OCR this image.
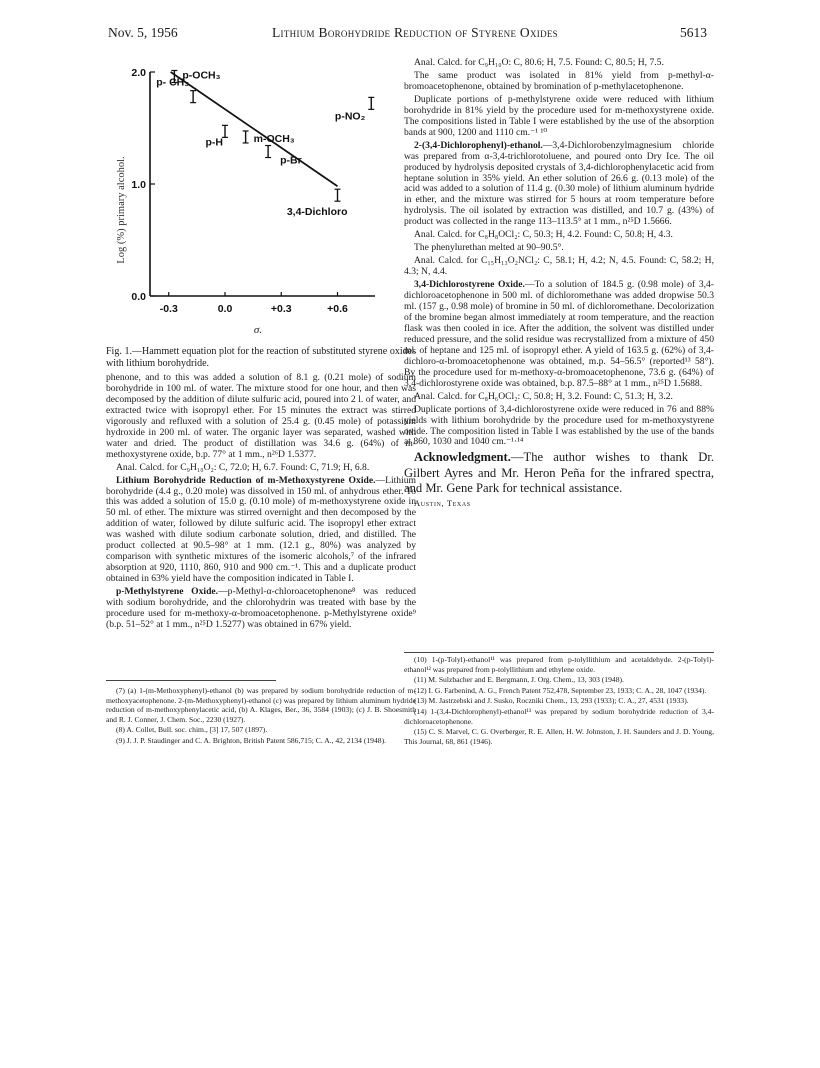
Nov. 5, 1956	Lithium Borohydride Reduction of Styrene Oxides	5613
Log (%) primary alcohol.
0.0
1.0
2.0
-0.3	0.0	+0.3	+0.6
p-OCH₃
p- CH₃
p-H	m-OCH₃
p-Br
3,4-Dichloro
p-NO₂
σ.

Fig. 1.—Hammett equation plot for the reaction of substituted styrene oxides with lithium borohydride.

phenone, and to this was added a solution of 8.1 g. (0.21 mole) of sodium borohydride in 100 ml. of water. The mixture stood for one hour, and then was decomposed by the addition of dilute sulfuric acid, poured into 2 l. of water, and extracted twice with isopropyl ether. For 15 minutes the extract was stirred vigorously and refluxed with a solution of 25.4 g. (0.45 mole) of potassium hydroxide in 200 ml. of water. The organic layer was separated, washed with water and dried. The product of distillation was 34.6 g. (64%) of m-methoxystyrene oxide, b.p. 77° at 1 mm., n²⁶D 1.5377.

Anal. Calcd. for C₉H₁₀O₂: C, 72.0; H, 6.7. Found: C, 71.9; H, 6.8.

Lithium Borohydride Reduction of m-Methoxystyrene Oxide.—Lithium borohydride (4.4 g., 0.20 mole) was dissolved in 150 ml. of anhydrous ether. To this was added a solution of 15.0 g. (0.10 mole) of m-methoxystyrene oxide in 50 ml. of ether. The mixture was stirred overnight and then decomposed by the addition of water, followed by dilute sulfuric acid. The isopropyl ether extract was washed with dilute sodium carbonate solution, dried, and distilled. The product collected at 90.5–98° at 1 mm. (12.1 g., 80%) was analyzed by comparison with synthetic mixtures of the isomeric alcohols,⁷ of the infrared absorption at 920, 1110, 860, 910 and 900 cm.⁻¹. This and a duplicate product obtained in 63% yield have the composition indicated in Table I.

p-Methylstyrene Oxide.—p-Methyl-α-chloroacetophenone⁸ was reduced with sodium borohydride, and the chlorohydrin was treated with base by the procedure used for m-methoxy-α-bromoacetophenone. p-Methylstyrene oxide⁹ (b.p. 51–52° at 1 mm., n²⁵D 1.5277) was obtained in 67% yield.

(7) (a) 1-(m-Methoxyphenyl)-ethanol (b) was prepared by sodium borohydride reduction of m-methoxyacetophenone. 2-(m-Methoxyphenyl)-ethanol (c) was prepared by lithium aluminum hydride reduction of m-methoxyphenylacetic acid, (b) A. Klages, Ber., 36, 3584 (1903); (c) J. B. Shoesmith and R. J. Conner, J. Chem. Soc., 2230 (1927).

(8) A. Collet, Bull. soc. chim., [3] 17, 507 (1897).

(9) J. J. P. Staudinger and C. A. Brighton, British Patent 586,715; C. A., 42, 2134 (1948).

Anal. Calcd. for C₉H₁₀O: C, 80.6; H, 7.5. Found: C, 80.5; H, 7.5.

The same product was isolated in 81% yield from p-methyl-α-bromoacetophenone, obtained by bromination of p-methylacetophenone.

Duplicate portions of p-methylstyrene oxide were reduced with lithium borohydride in 81% yield by the procedure used for m-methoxystyrene oxide. The compositions listed in Table I were established by the use of the absorption bands at 900, 1200 and 1110 cm.⁻¹ ¹⁰

2-(3,4-Dichlorophenyl)-ethanol.—3,4-Dichlorobenzylmagnesium chloride was prepared from α-3,4-trichlorotoluene, and poured onto Dry Ice. The oil produced by hydrolysis deposited crystals of 3,4-dichlorophenylacetic acid from heptane solution in 35% yield. An ether solution of 26.6 g. (0.13 mole) of the acid was added to a solution of 11.4 g. (0.30 mole) of lithium aluminum hydride in ether, and the mixture was stirred for 5 hours at room temperature before hydrolysis. The oil isolated by extraction was distilled, and 10.7 g. (43%) of product was collected in the range 113–113.5° at 1 mm., n²⁵D 1.5666.

Anal. Calcd. for C₈H₈OCl₂: C, 50.3; H, 4.2. Found: C, 50.8; H, 4.3.

The phenylurethan melted at 90–90.5°.

Anal. Calcd. for C₁₅H₁₃O₂NCl₂: C, 58.1; H, 4.2; N, 4.5. Found: C, 58.2; H, 4.3; N, 4.4.

3,4-Dichlorostyrene Oxide.—To a solution of 184.5 g. (0.98 mole) of 3,4-dichloroacetophenone in 500 ml. of dichloromethane was added dropwise 50.3 ml. (157 g., 0.98 mole) of bromine in 50 ml. of dichloromethane. Decolorization of the bromine began almost immediately at room temperature, and the reaction flask was then cooled in ice. After the addition, the solvent was distilled under reduced pressure, and the solid residue was recrystallized from a mixture of 450 ml. of heptane and 125 ml. of isopropyl ether. A yield of 163.5 g. (62%) of 3,4-dichloro-α-bromoacetophenone was obtained, m.p. 54–56.5° (reported¹³ 58°). By the procedure used for m-methoxy-α-bromoacetophenone, 73.6 g. (64%) of 3,4-dichlorostyrene oxide was obtained, b.p. 87.5–88° at 1 mm., n²⁵D 1.5688.

Anal. Calcd. for C₈H₆OCl₂: C, 50.8; H, 3.2. Found: C, 51.3; H, 3.2.

Duplicate portions of 3,4-dichlorostyrene oxide were reduced in 76 and 88% yields with lithium borohydride by the procedure used for m-methoxystyrene oxide. The composition listed in Table I was established by the use of the bands at 860, 1030 and 1040 cm.⁻¹·¹⁴

Acknowledgment.—The author wishes to thank Dr. Gilbert Ayres and Mr. Heron Peña for the infrared spectra, and Mr. Gene Park for technical assistance.

Austin, Texas

(10) 1-(p-Tolyl)-ethanol¹¹ was prepared from p-tolyllithium and acetaldehyde. 2-(p-Tolyl)-ethanol¹² was prepared from p-tolyllithium and ethylene oxide.

(11) M. Sulzbacher and E. Bergmann, J. Org. Chem., 13, 303 (1948).

(12) I. G. Farbenind, A. G., French Patent 752,478, September 23, 1933; C. A., 28, 1047 (1934).

(13) M. Jastrzebski and J. Susko, Roczniki Chem., 13, 293 (1933); C. A., 27, 4531 (1933).

(14) 1-(3,4-Dichlorophenyl)-ethanol¹³ was prepared by sodium borohydride reduction of 3,4-dichloroacetophenone.

(15) C. S. Marvel, C. G. Overberger, R. E. Allen, H. W. Johnston, J. H. Saunders and J. D. Young, This Journal, 68, 861 (1946).
